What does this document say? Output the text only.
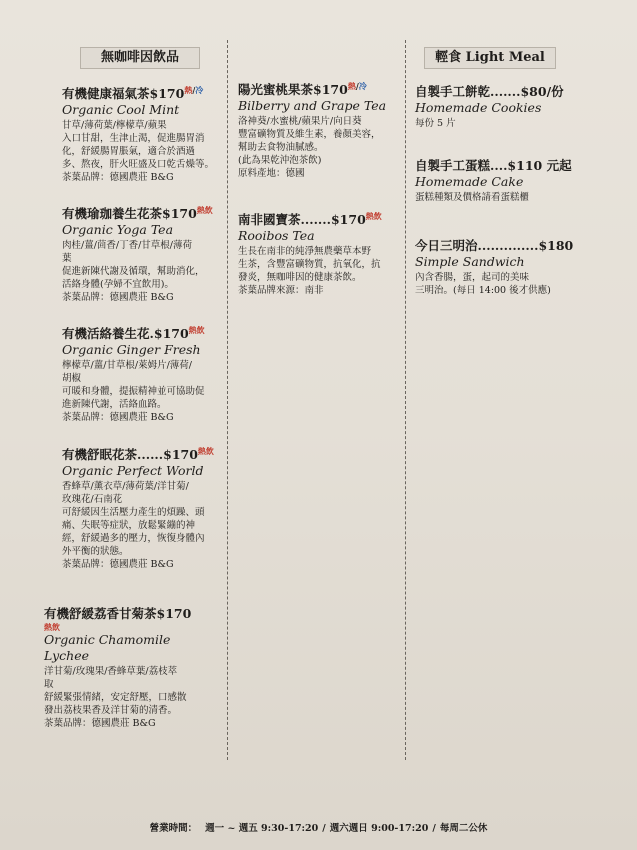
無咖啡因飲品	輕食 Light Meal
有機健康福氣茶$\$170^{熱/冷}$
Organic Cool Mint
甘草/薄荷葉/檸檬草/蘋果
入口甘甜，生津止渴，促進腸胃消
化，舒緩腸胃脹氣，適合於酒過
多、熬夜，肝火旺盛及口乾舌燥等。
茶葉品牌：德國農莊 B&G
有機瑜珈養生花茶$\$170^{熱飲}$
Organic Yoga Tea
肉桂/薑/茴香/丁香/甘草根/薄荷
葉
促進新陳代謝及循環，幫助消化，
活絡身體(孕婦不宜飲用)。
茶葉品牌：德國農莊 B&G
有機活絡養生花$.\$170^{熱飲}$
Organic Ginger Fresh
檸檬草/薑/甘草根/萊姆片/薄荷/
胡椒
可暖和身體，提振精神並可協助促
進新陳代謝，活絡血路。
茶葉品牌：德國農莊 B&G
有機舒眠花茶$......\$170^{熱飲}$
Organic Perfect World
香蜂草/薰衣草/薄荷葉/洋甘菊/
玫瑰花/石南花
可舒緩因生活壓力產生的煩躁、頭
痛、失眠等症狀，放鬆緊繃的神
經，舒緩過多的壓力，恢復身體內
外平衡的狀態。
茶葉品牌：德國農莊 B&G
有機舒緩荔香甘菊茶$170
熱飲
Organic Chamomile
Lychee
洋甘菊/玫瑰果/香蜂草葉/荔枝萃
取
舒緩緊張情緒，安定舒壓，口感散
發出荔枝果香及洋甘菊的清香。
茶葉品牌：德國農莊 B&G
陽光蜜桃果茶$\$170^{熱/冷}$
Bilberry and Grape Tea
洛神葵/水蜜桃/蘋果片/向日葵
豐富礦物質及維生素，養顏美容，
幫助去食物油膩感。
(此為果乾沖泡茶飲)
原料產地：德國
南非國寶茶$.......\$170^{熱飲}$
Rooibos Tea
生長在南非的純淨無農藥草本野
生茶，含豐富礦物質，抗氧化，抗
發炎，無咖啡因的健康茶飲。
茶葉品牌來源：南非
自製手工餅乾.......$80/份
Homemade Cookies
每份 5 片
自製手工蛋糕....$110 元起
Homemade Cake
蛋糕種類及價格請看蛋糕櫃
今日三明治..............$180
Simple Sandwich
內含香腸，蛋，起司的美味
三明治。(每日 14:00 後才供應)
營業時間： 週一 ~ 週五 9:30-17:20 / 週六週日 9:00-17:20 / 每周二公休
